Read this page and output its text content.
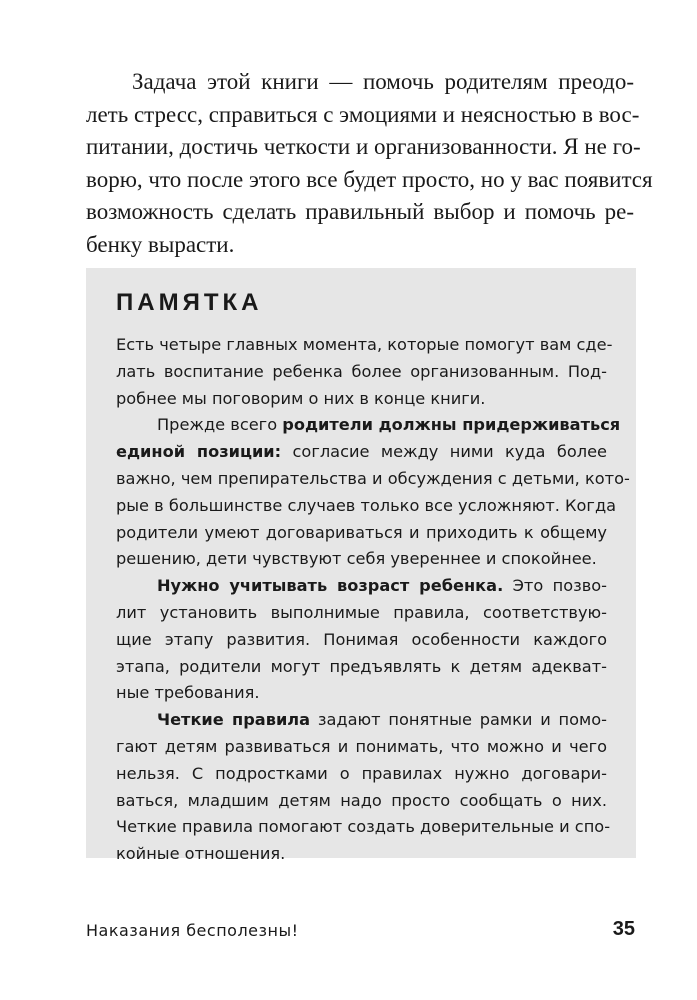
Задача этой книги — помочь родителям преодо-
леть стресс, справиться с эмоциями и неясностью в вос-
питании, достичь четкости и организованности. Я не го-
ворю, что после этого все будет просто, но у вас появится
возможность сделать правильный выбор и помочь ре-
бенку вырасти.
ПАМЯТКА
Есть четыре главных момента, которые помогут вам сде-
лать воспитание ребенка более организованным. Под-
робнее мы поговорим о них в конце книги.
Прежде всего родители должны придерживаться
единой позиции: согласие между ними куда более
важно, чем препирательства и обсуждения с детьми, кото-
рые в большинстве случаев только все усложняют. Когда
родители умеют договариваться и приходить к общему
решению, дети чувствуют себя увереннее и спокойнее.
Нужно учитывать возраст ребенка. Это позво-
лит установить выполнимые правила, соответствую-
щие этапу развития. Понимая особенности каждого
этапа, родители могут предъявлять к детям адекват-
ные требования.
Четкие правила задают понятные рамки и помо-
гают детям развиваться и понимать, что можно и чего
нельзя. С подростками о правилах нужно договари-
ваться, младшим детям надо просто сообщать о них.
Четкие правила помогают создать доверительные и спо-
койные отношения.
Наказания бесполезны!	35
